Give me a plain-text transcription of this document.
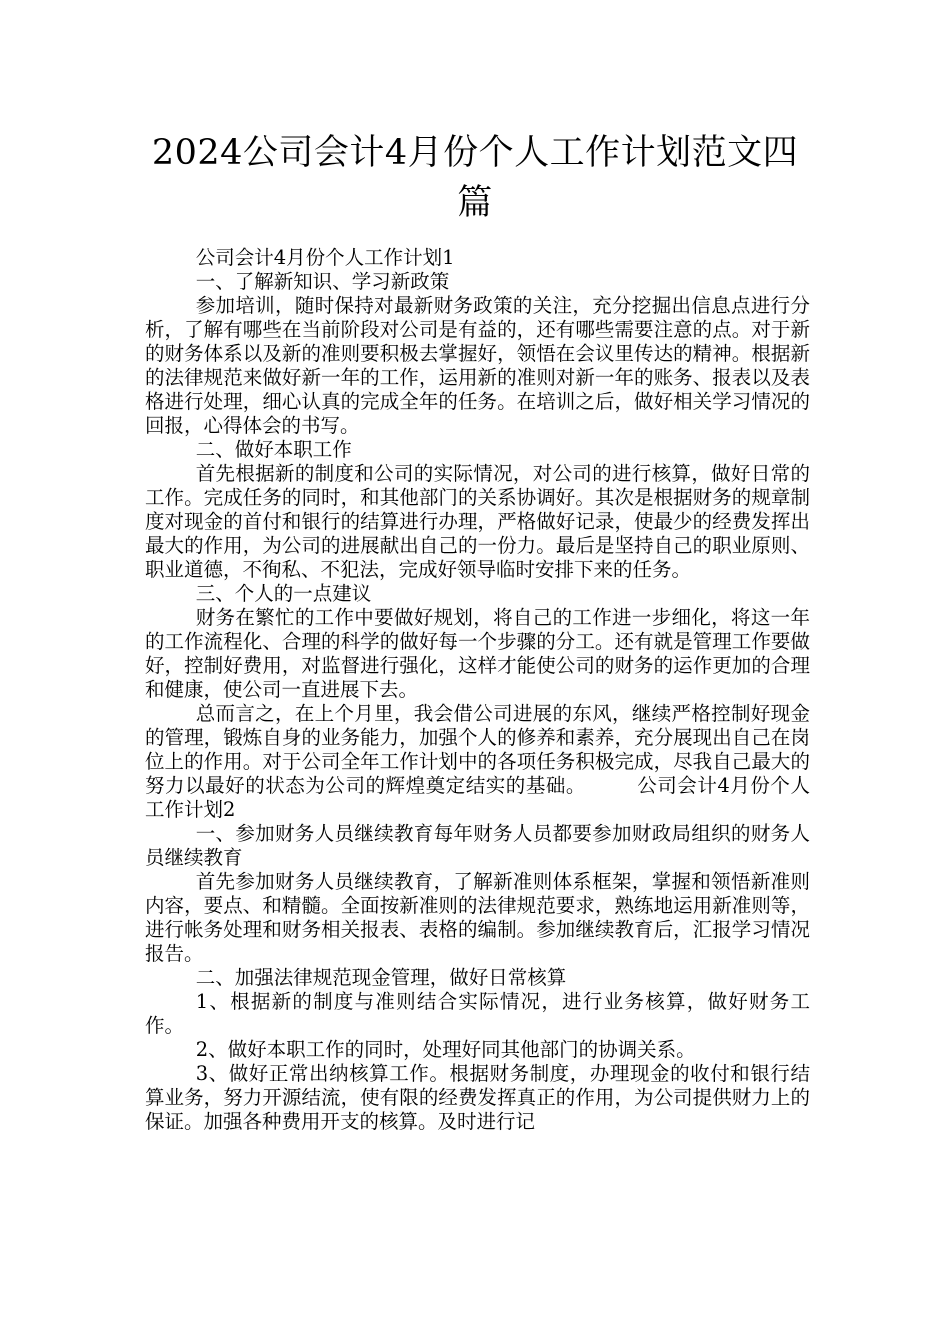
2024公司会计4月份个人工作计划范文四篇

公司会计4月份个人工作计划1

一、了解新知识、学习新政策

参加培训，随时保持对最新财务政策的关注，充分挖掘出信息点进行分析，了解有哪些在当前阶段对公司是有益的，还有哪些需要注意的点。对于新的财务体系以及新的准则要积极去掌握好，领悟在会议里传达的精神。根据新的法律规范来做好新一年的工作，运用新的准则对新一年的账务、报表以及表格进行处理，细心认真的完成全年的任务。在培训之后，做好相关学习情况的回报，心得体会的书写。

二、做好本职工作

首先根据新的制度和公司的实际情况，对公司的进行核算，做好日常的工作。完成任务的同时，和其他部门的关系协调好。其次是根据财务的规章制度对现金的首付和银行的结算进行办理，严格做好记录，使最少的经费发挥出最大的作用，为公司的进展献出自己的一份力。最后是坚持自己的职业原则、职业道德，不徇私、不犯法，完成好领导临时安排下来的任务。

三、个人的一点建议

财务在繁忙的工作中要做好规划，将自己的工作进一步细化，将这一年的工作流程化、合理的科学的做好每一个步骤的分工。还有就是管理工作要做好，控制好费用，对监督进行强化，这样才能使公司的财务的运作更加的合理和健康，使公司一直进展下去。

总而言之，在上个月里，我会借公司进展的东风，继续严格控制好现金的管理，锻炼自身的业务能力，加强个人的修养和素养，充分展现出自己在岗位上的作用。对于公司全年工作计划中的各项任务积极完成，尽我自己最大的努力以最好的状态为公司的辉煌奠定结实的基础。	公司会计4月份个人工作计划2

一、参加财务人员继续教育每年财务人员都要参加财政局组织的财务人员继续教育

首先参加财务人员继续教育，了解新准则体系框架，掌握和领悟新准则内容，要点、和精髓。全面按新准则的法律规范要求，熟练地运用新准则等，进行帐务处理和财务相关报表、表格的编制。参加继续教育后，汇报学习情况报告。

二、加强法律规范现金管理，做好日常核算

1、根据新的制度与准则结合实际情况，进行业务核算，做好财务工作。

2、做好本职工作的同时，处理好同其他部门的协调关系。

3、做好正常出纳核算工作。根据财务制度，办理现金的收付和银行结算业务，努力开源结流，使有限的经费发挥真正的作用，为公司提供财力上的保证。加强各种费用开支的核算。及时进行记
